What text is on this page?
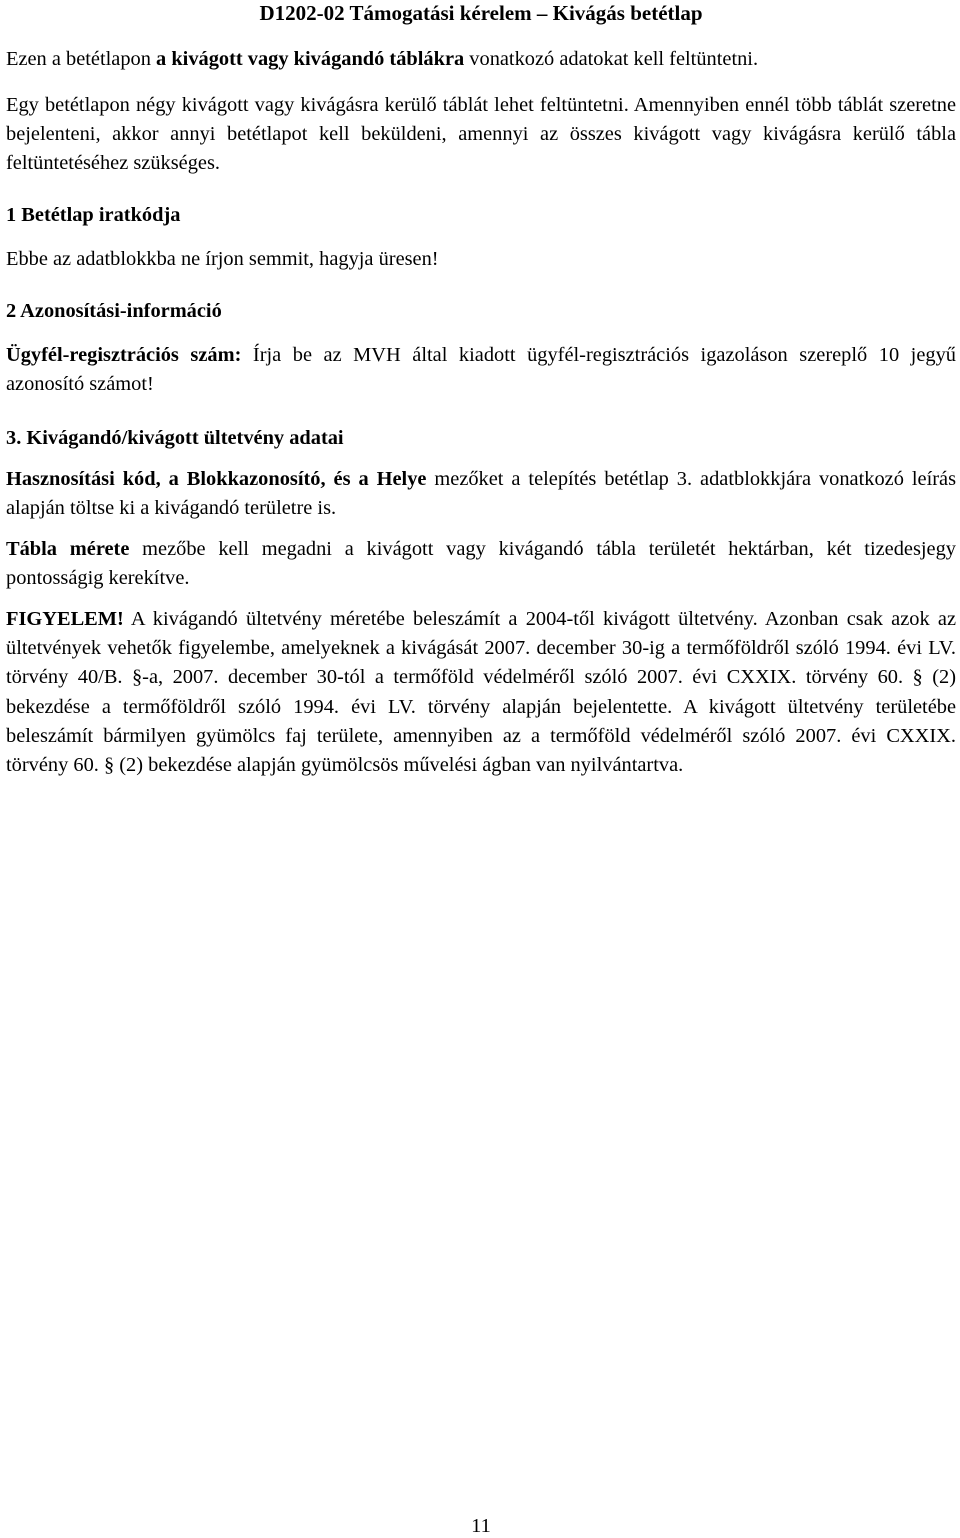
D1202-02 Támogatási kérelem – Kivágás betétlap
Ezen a betétlapon a kivágott vagy kivágandó táblákra vonatkozó adatokat kell feltüntetni.
Egy betétlapon négy kivágott vagy kivágásra kerülő táblát lehet feltüntetni. Amennyiben ennél több táblát szeretne bejelenteni, akkor annyi betétlapot kell beküldeni, amennyi az összes kivágott vagy kivágásra kerülő tábla feltüntetéséhez szükséges.
1 Betétlap iratkódja
Ebbe az adatblokkba ne írjon semmit, hagyja üresen!
2 Azonosítási-információ
Ügyfél-regisztrációs szám: Írja be az MVH által kiadott ügyfél-regisztrációs igazoláson szereplő 10 jegyű azonosító számot!
3. Kivágandó/kivágott ültetvény adatai
Hasznosítási kód, a Blokkazonosító, és a Helye mezőket a telepítés betétlap 3. adatblokkjára vonatkozó leírás alapján töltse ki a kivágandó területre is.
Tábla mérete mezőbe kell megadni a kivágott vagy kivágandó tábla területét hektárban, két tizedesjegy pontosságig kerekítve.
FIGYELEM! A kivágandó ültetvény méretébe beleszámít a 2004-től kivágott ültetvény. Azonban csak azok az ültetvények vehetők figyelembe, amelyeknek a kivágását 2007. december 30-ig a termőföldről szóló 1994. évi LV. törvény 40/B. §-a, 2007. december 30-tól a termőföld védelméről szóló 2007. évi CXXIX. törvény 60. § (2) bekezdése a termőföldről szóló 1994. évi LV. törvény alapján bejelentette. A kivágott ültetvény területébe beleszámít bármilyen gyümölcs faj területe, amennyiben az a termőföld védelméről szóló 2007. évi CXXIX. törvény 60. § (2) bekezdése alapján gyümölcsös művelési ágban van nyilvántartva.
11
